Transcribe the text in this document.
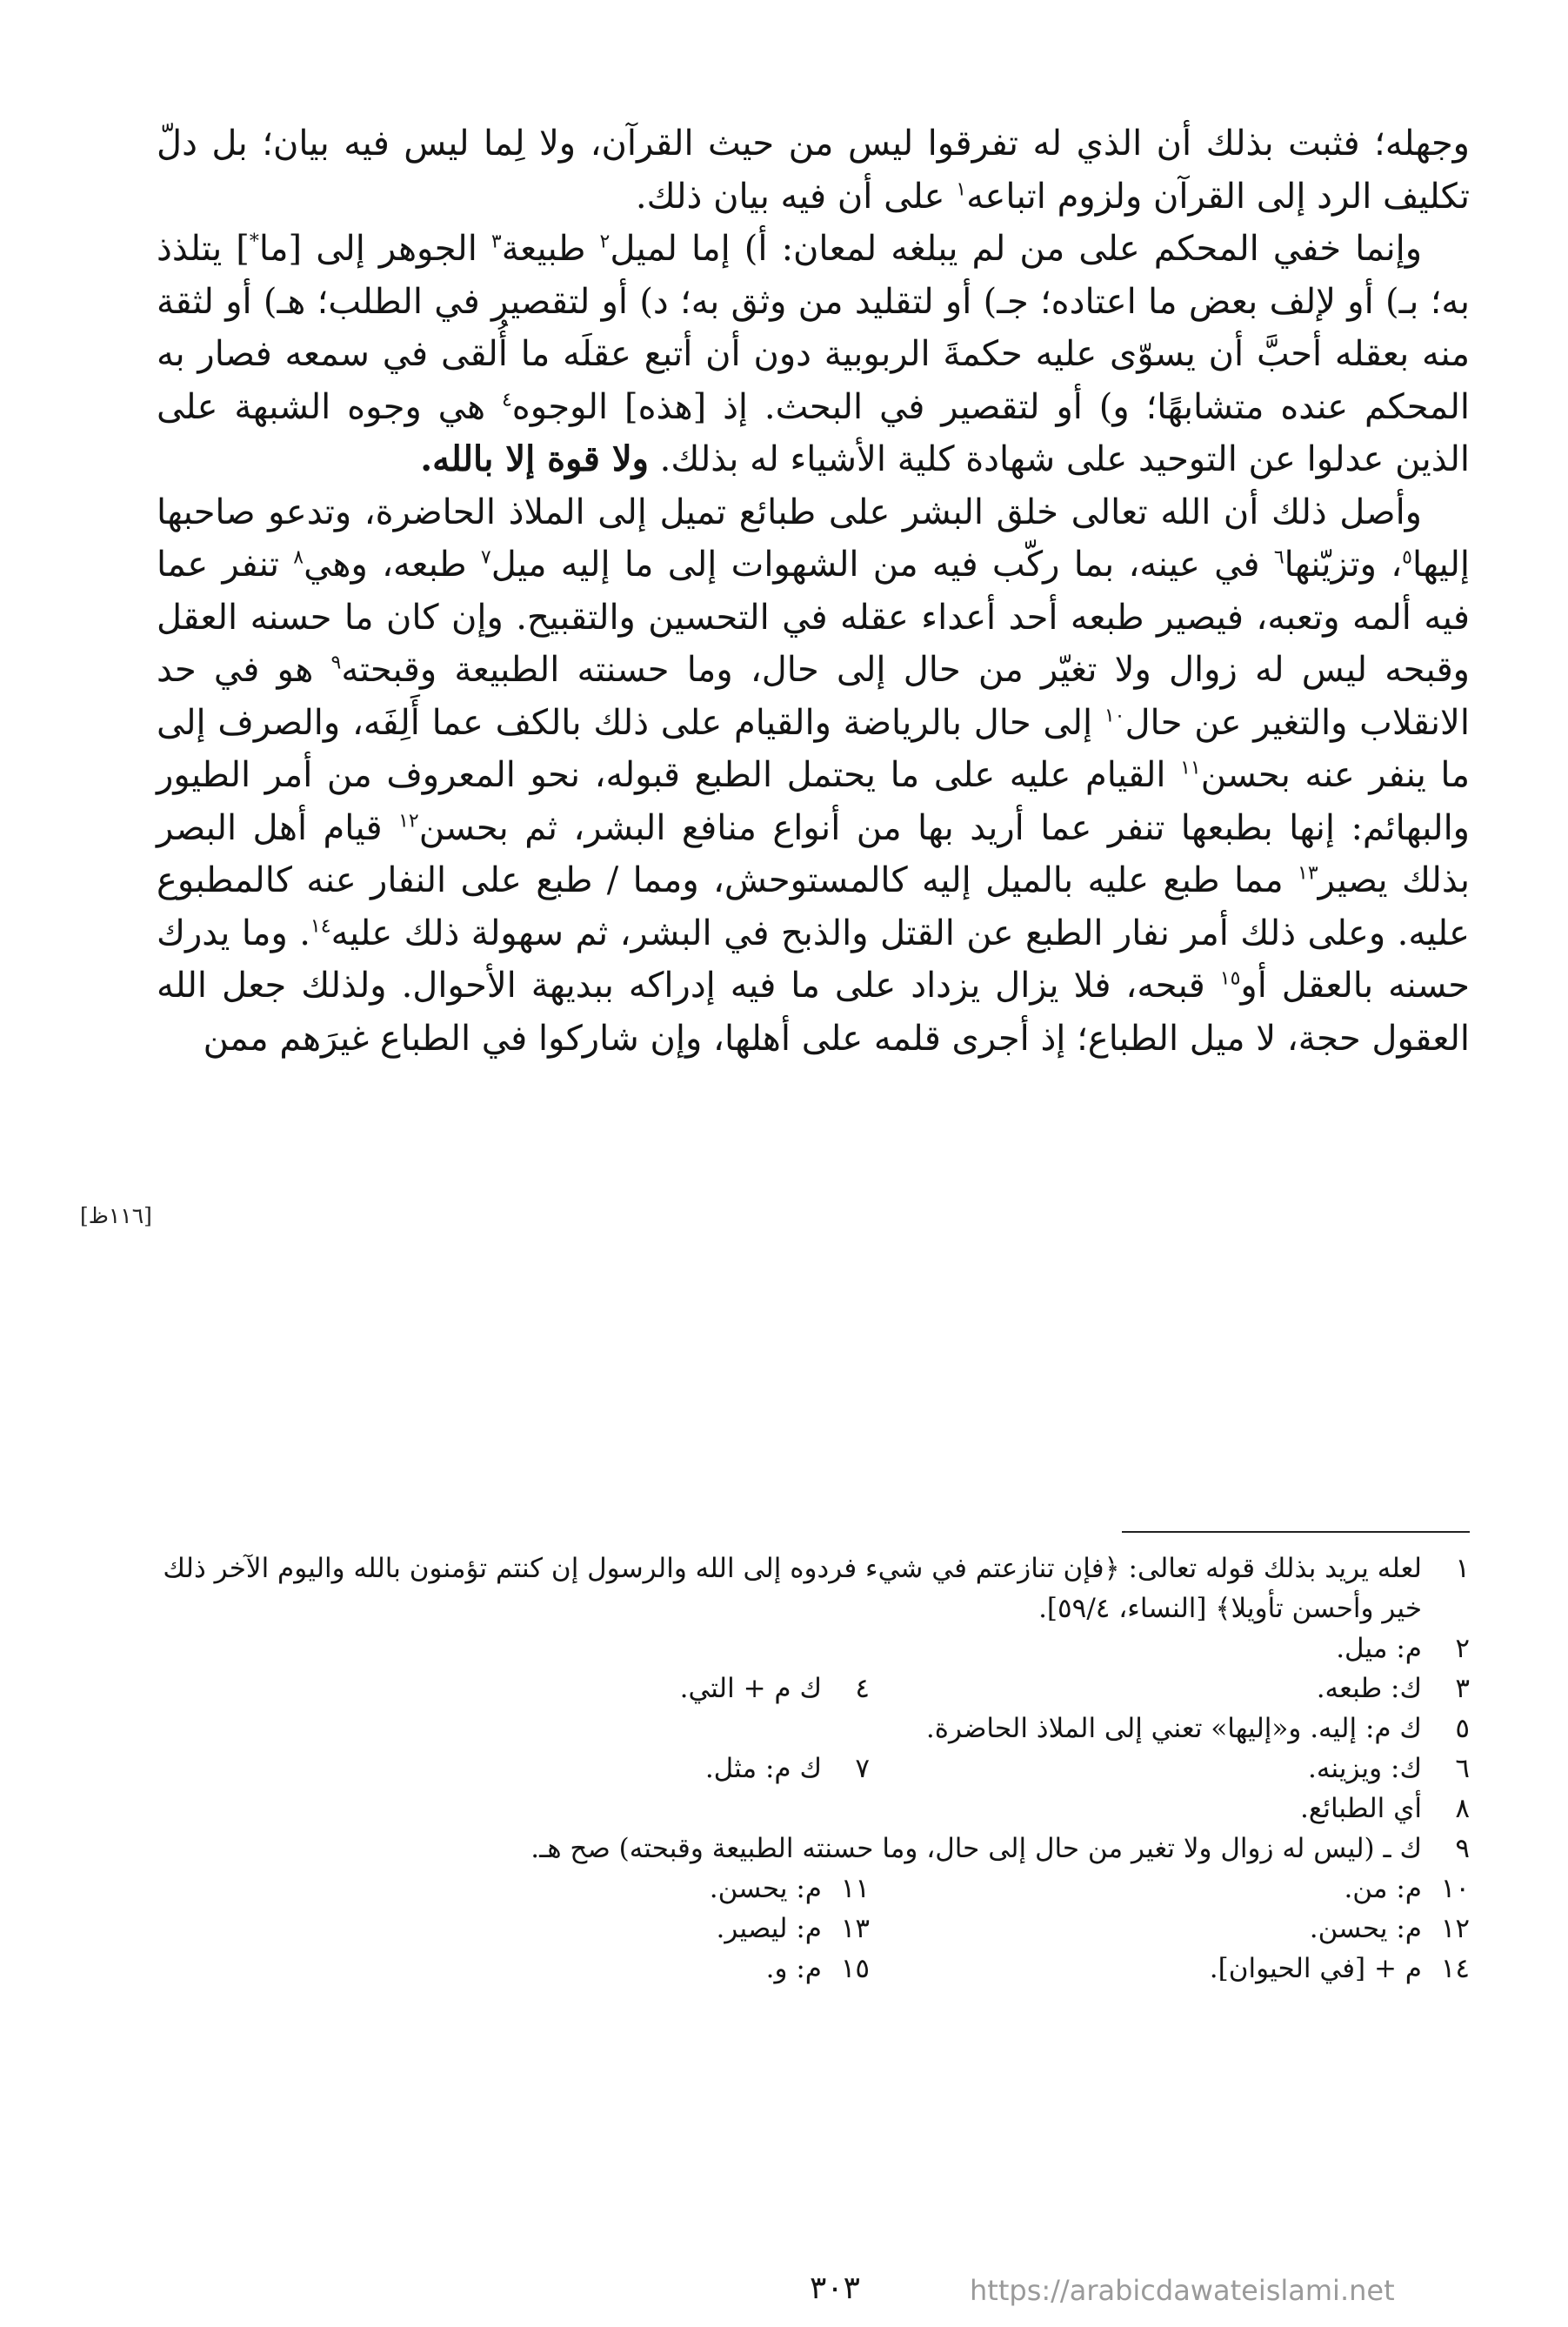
وجهله؛ فثبت بذلك أن الذي له تفرقوا ليس من حيث القرآن، ولا لِما ليس فيه بيان؛ بل دلّ تكليف الرد إلى القرآن ولزوم اتباعه$^١$ على أن فيه بيان ذلك.

وإنما خفي المحكم على من لم يبلغه لمعان: أ) إما لميل$^٢$ طبيعة$^٣$ الجوهر إلى [ما*] يتلذذ به؛ بـ) أو لإلف بعض ما اعتاده؛ جـ) أو لتقليد من وثق به؛ د) أو لتقصير في الطلب؛ هـ) أو لثقة منه بعقله أحبَّ أن يسوّى عليه حكمةَ الربوبية دون أن أتبع عقلَه ما أُلقى في سمعه فصار به المحكم عنده متشابهًا؛ و) أو لتقصير في البحث. إذ [هذه] الوجوه$^٤$ هي وجوه الشبهة على الذين عدلوا عن التوحيد على شهادة كلية الأشياء له بذلك. ولا قوة إلا بالله.

وأصل ذلك أن الله تعالى خلق البشر على طبائع تميل إلى الملاذ الحاضرة، وتدعو صاحبها إليها$^٥$، وتزيّنها$^٦$ في عينه، بما ركّب فيه من الشهوات إلى ما إليه ميل$^٧$ طبعه، وهي$^٨$ تنفر عما فيه ألمه وتعبه، فيصير طبعه أحد أعداء عقله في التحسين والتقبيح. وإن كان ما حسنه العقل وقبحه ليس له زوال ولا تغيّر من حال إلى حال، وما حسنته الطبيعة وقبحته$^٩$ هو في حد الانقلاب والتغير عن حال$^{١٠}$ إلى حال بالرياضة والقيام على ذلك بالكف عما أَلِفَه، والصرف إلى ما ينفر عنه بحسن$^{١١}$ القيام عليه على ما يحتمل الطبع قبوله، نحو المعروف من أمر الطيور والبهائم: إنها بطبعها تنفر عما أريد بها من أنواع منافع البشر، ثم بحسن$^{١٢}$ قيام أهل البصر بذلك يصير$^{١٣}$ مما طبع عليه بالميل إليه كالمستوحش، ومما / طبع على النفار عنه كالمطبوع عليه. وعلى ذلك أمر نفار الطبع عن القتل والذبح في البشر، ثم سهولة ذلك عليه$^{١٤}$. وما يدرك حسنه بالعقل أو$^{١٥}$ قبحه، فلا يزال يزداد على ما فيه إدراكه ببديهة الأحوال. ولذلك جعل الله العقول حجة، لا ميل الطباع؛ إذ أجرى قلمه على أهلها، وإن شاركوا في الطباع غيرَهم ممن

[١١٦ظ]
١
لعله يريد بذلك قوله تعالى: ﴿فإن تنازعتم في شيء فردوه إلى الله والرسول إن كنتم تؤمنون بالله واليوم الآخر ذلك خير وأحسن تأويلا﴾ [النساء، ٥٩/٤].
٢
م: ميل.
٣
ك: طبعه.
٤
ك م + التي.
٥
ك م: إليه. و«إليها» تعني إلى الملاذ الحاضرة.
٦
ك: ويزينه.
٧
ك م: مثل.
٨
أي الطبائع.
٩
ك ـ (ليس له زوال ولا تغير من حال إلى حال، وما حسنته الطبيعة وقبحته) صح هـ.
١٠
م: من.
١١
م: يحسن.
١٢
م: يحسن.
١٣
م: ليصير.
١٤
م + [في الحيوان].
١٥
م: و.
٣٠٣	https://arabicdawateislami.net
